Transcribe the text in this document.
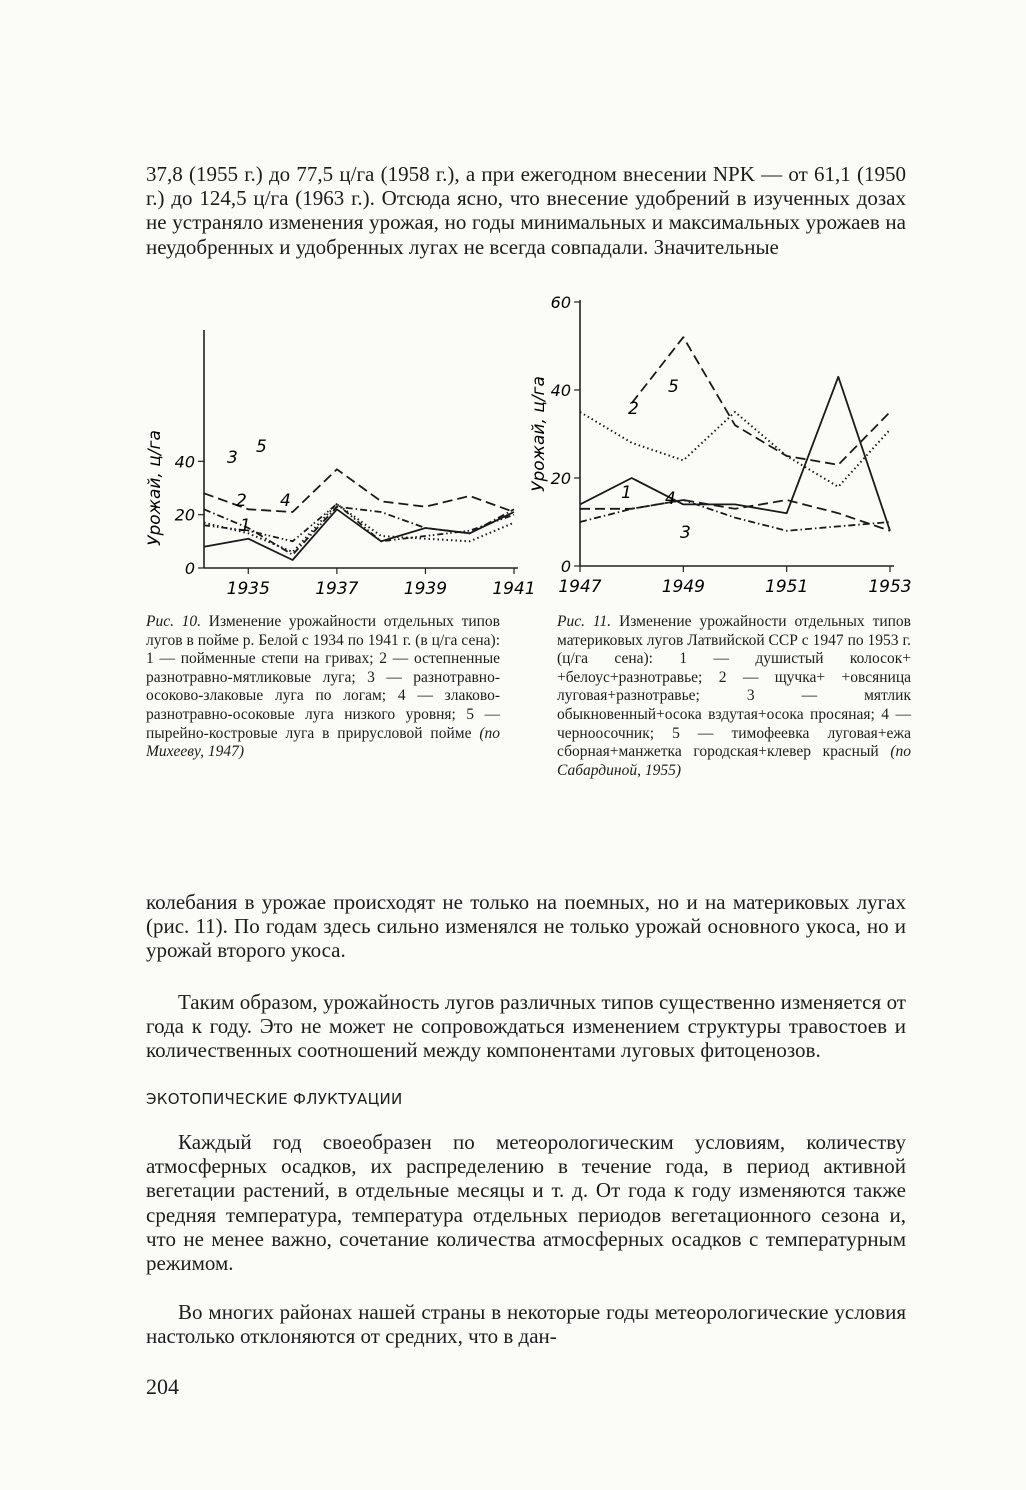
37,8 (1955 г.) до 77,5 ц/га (1958 г.), а при ежегодном внесении NPK — от 61,1 (1950 г.) до 124,5 ц/га (1963 г.). Отсюда ясно, что внесение удобрений в изученных дозах не устраняло изменения урожая, но годы минимальных и максимальных урожаев на неудобренных и удобренных лугах не всегда совпадали. Значительные

0
20
40
1935	1937	1939	1941
Урожай, ц/га	1
2
3
4
5
0
20
40
60
1947	1949	1951	1953
Урожай, ц/га
1
2
3
4
5

Рис. 10. Изменение урожайности отдельных типов лугов в пойме р. Белой с 1934 по 1941 г. (в ц/га сена): 1 — пойменные степи на гривах; 2 — остепненные разнотравно-мятликовые луга; 3 — разнотравно-осоково-злаковые луга по логам; 4 — злаково-разнотравно-осоковые луга низкого уровня; 5 — пырейно-костровые луга в прирусловой пойме (по Михееву, 1947)

Рис. 11. Изменение урожайности отдельных типов материковых лугов Латвийской ССР с 1947 по 1953 г. (ц/га сена): 1 — душистый колосок+ +белоус+разнотравье; 2 — щучка+ +овсяница луговая+разнотравье; 3 — мятлик обыкновенный+осока вздутая+осока просяная; 4 — черноосочник; 5 — тимофеевка луговая+ежа сборная+манжетка городская+клевер красный (по Сабардиной, 1955)

колебания в урожае происходят не только на поемных, но и на материковых лугах (рис. 11). По годам здесь сильно изменялся не только урожай основного укоса, но и урожай второго укоса.

Таким образом, урожайность лугов различных типов существенно изменяется от года к году. Это не может не сопровождаться изменением структуры травостоев и количественных соотношений между компонентами луговых фитоценозов.

ЭКОТОПИЧЕСКИЕ ФЛУКТУАЦИИ

Каждый год своеобразен по метеорологическим условиям, количеству атмосферных осадков, их распределению в течение года, в период активной вегетации растений, в отдельные месяцы и т. д. От года к году изменяются также средняя температура, температура отдельных периодов вегетационного сезона и, что не менее важно, сочетание количества атмосферных осадков с температурным режимом.

Во многих районах нашей страны в некоторые годы метеорологические условия настолько отклоняются от средних, что в дан-

204
